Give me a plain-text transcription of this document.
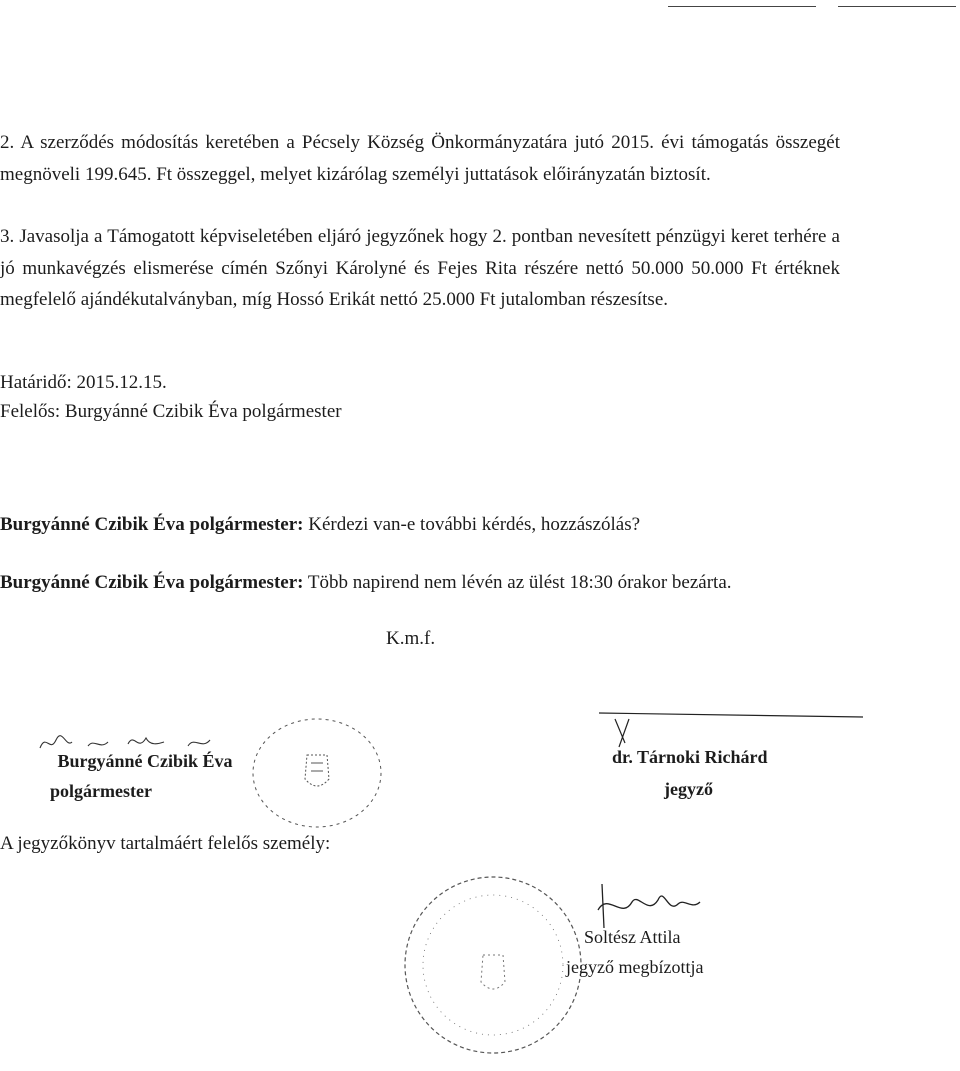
2. A szerződés módosítás keretében a Pécsely Község Önkormányzatára jutó 2015. évi támogatás összegét megnöveli 199.645. Ft összeggel, melyet kizárólag személyi juttatások előirányzatán biztosít.

3. Javasolja a Támogatott képviseletében eljáró jegyzőnek hogy 2. pontban nevesített pénzügyi keret terhére a jó munkavégzés elismerése címén Szőnyi Károlyné és Fejes Rita részére nettó 50.000 50.000 Ft értéknek megfelelő ajándékutalványban, míg Hossó Erikát nettó 25.000 Ft jutalomban részesítse.

Határidő: 2015.12.15.

Felelős: Burgyánné Czibik Éva polgármester

Burgyánné Czibik Éva polgármester: Kérdezi van-e további kérdés, hozzászólás?

Burgyánné Czibik Éva polgármester: Több napirend nem lévén az ülést 18:30 órakor bezárta.

K.m.f.

Burgyánné Czibik Éva
polgármester
dr. Tárnoki Richárd
jegyző

A jegyzőkönyv tartalmáért felelős személy:

Soltész Attila
jegyző megbízottja
